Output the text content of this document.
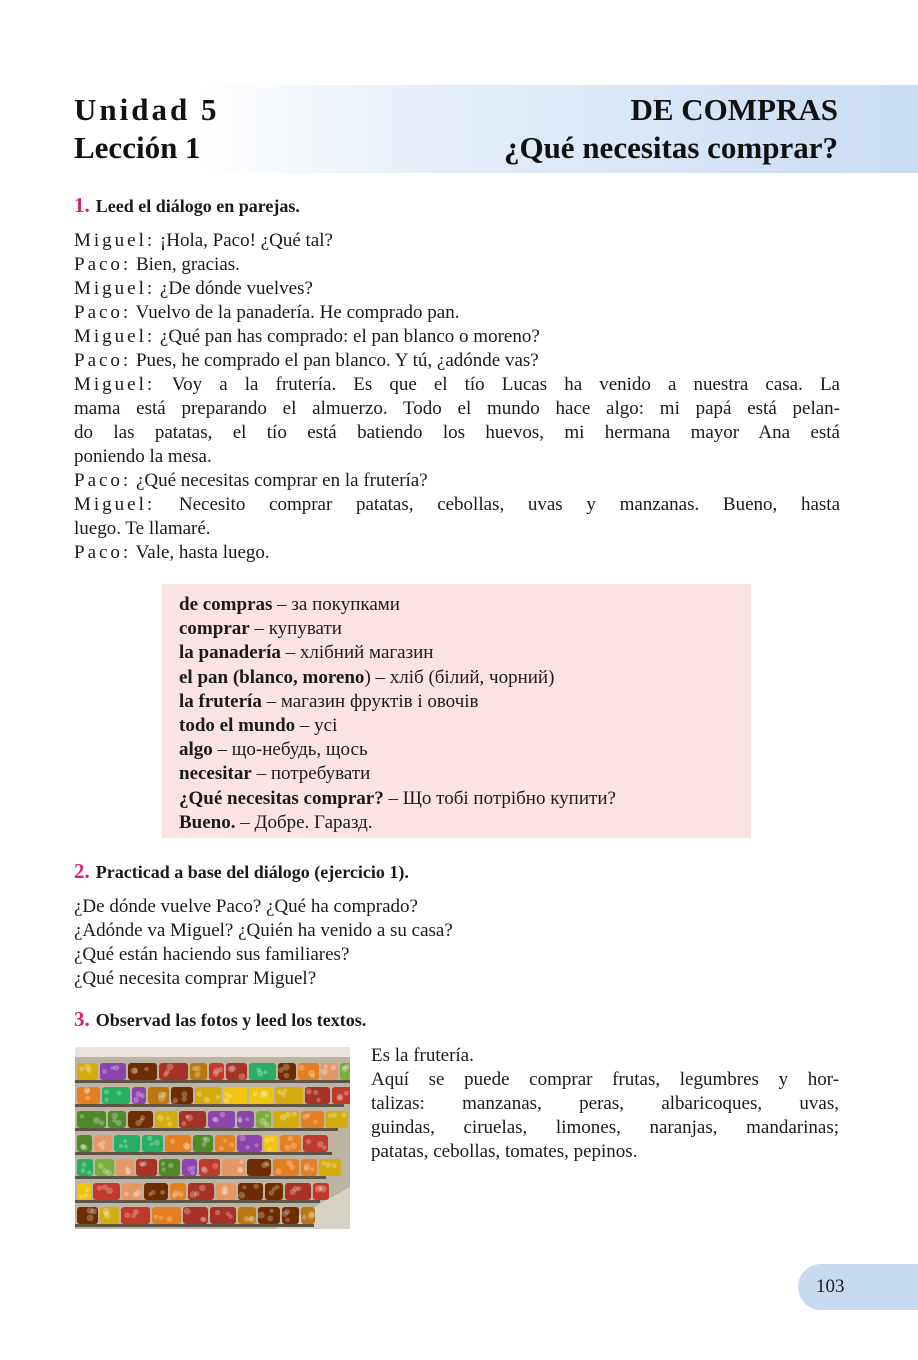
Unidad 5
Lección 1
DE COMPRAS
¿Qué necesitas comprar?
1. Leed el diálogo en parejas.
Miguel: ¡Hola, Paco! ¿Qué tal?
Paco: Bien, gracias.
Miguel: ¿De dónde vuelves?
Paco: Vuelvo de la panadería. He comprado pan.
Miguel: ¿Qué pan has comprado: el pan blanco o moreno?
Paco: Pues, he comprado el pan blanco. Y tú, ¿adónde vas?
Miguel: Voy a la frutería. Es que el tío Lucas ha venido a nuestra casa. La
mama está preparando el almuerzo. Todo el mundo hace algo: mi papá está pelan-
do las patatas, el tío está batiendo los huevos, mi hermana mayor Ana está
poniendo la mesa.
Paco: ¿Qué necesitas comprar en la frutería?
Miguel: Necesito comprar patatas, cebollas, uvas y manzanas. Bueno, hasta
luego. Te llamaré.
Paco: Vale, hasta luego.
de compras – за покупками
comprar – купувати
la panadería – хлібний магазин
el pan (blanco, moreno) – хліб (білий, чорний)
la frutería – магазин фруктів і овочів
todo el mundo – усі
algo – що-небудь, щось
necesitar – потребувати
¿Qué necesitas comprar? – Що тобі потрібно купити?
Bueno. – Добре. Гаразд.
2. Practicad a base del diálogo (ejercicio 1).
¿De dónde vuelve Paco? ¿Qué ha comprado?
¿Adónde va Miguel? ¿Quién ha venido a su casa?
¿Qué están haciendo sus familiares?
¿Qué necesita comprar Miguel?
3. Observad las fotos y leed los textos.
Es la frutería.
Aquí se puede comprar frutas, legumbres y hor-
talizas: manzanas, peras, albaricoques, uvas,
guindas, ciruelas, limones, naranjas, mandarinas;
patatas, cebollas, tomates, pepinos.
103
